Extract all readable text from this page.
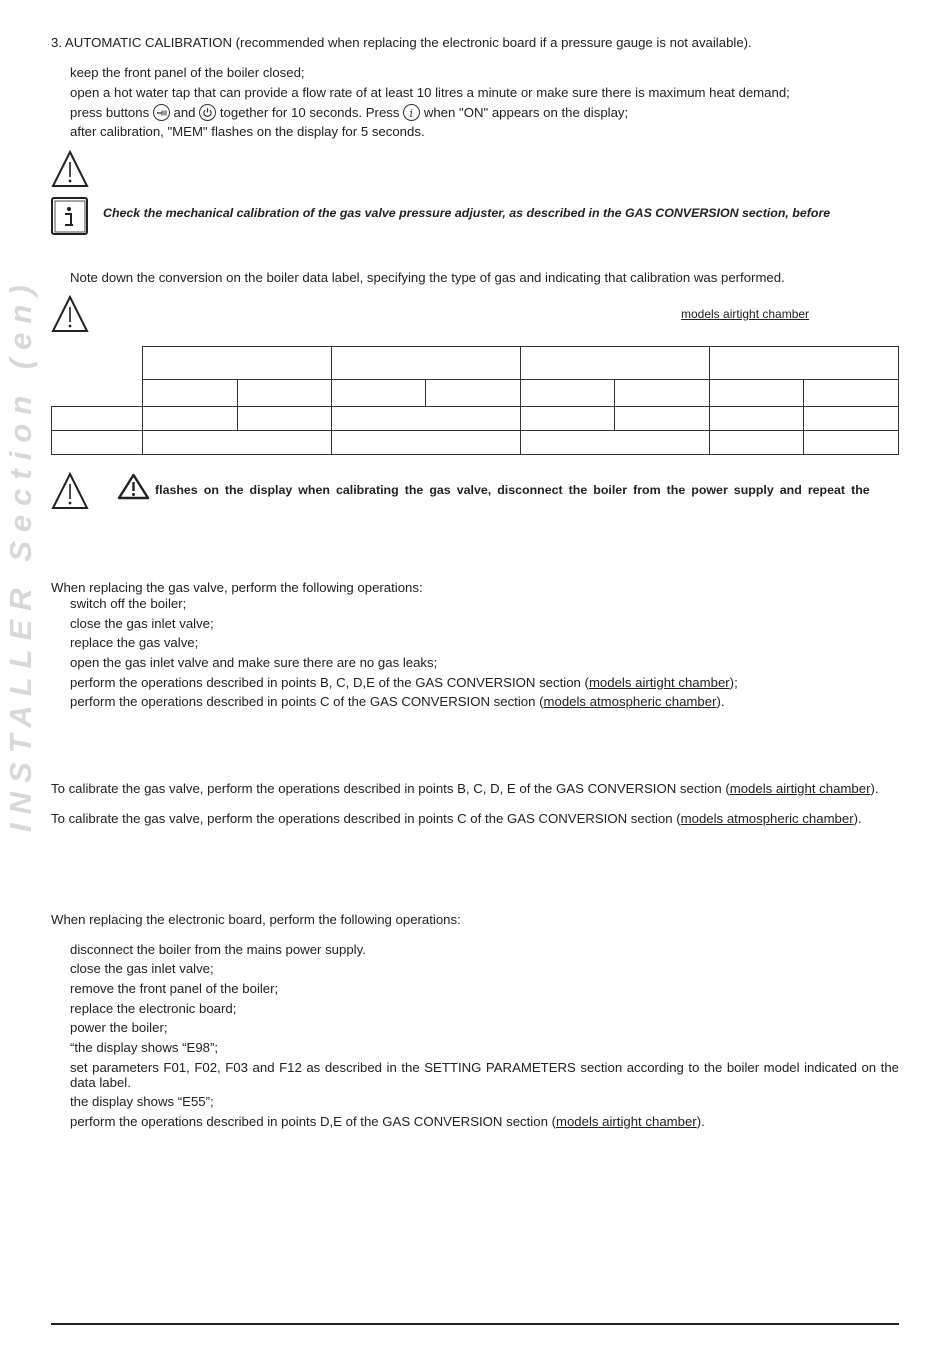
INSTALLER Section (en)
3. AUTOMATIC CALIBRATION (recommended when replacing the electronic board if a pressure gauge is not available).
keep the front panel of the boiler closed;
open a hot water tap that can provide a flow rate of at least 10 litres a minute or make sure there is maximum heat demand;
press buttons and together for 10 seconds. Press i when "ON" appears on the display;
after calibration, "MEM" flashes on the display for 5 seconds.
Check the mechanical calibration of the gas valve pressure adjuster, as described in the GAS CONVERSION section, before
Note down the conversion on the boiler data label, specifying the type of gas and indicating that calibration was performed.
models airtight chamber

flashes on the display when calibrating the gas valve, disconnect the boiler from the power supply and repeat the
When replacing the gas valve, perform the following operations:
switch off the boiler;
close the gas inlet valve;
replace the gas valve;
open the gas inlet valve and make sure there are no gas leaks;
perform the operations described in points B, C, D,E of the GAS CONVERSION section (models airtight chamber);
perform the operations described in points C of the GAS CONVERSION section (models atmospheric chamber).
To calibrate the gas valve, perform the operations described in points B, C, D, E of the GAS CONVERSION section (models airtight chamber).
To calibrate the gas valve, perform the operations described in points C of the GAS CONVERSION section (models atmospheric chamber).
When replacing the electronic board, perform the following operations:
disconnect the boiler from the mains power supply.
close the gas inlet valve;
remove the front panel of the boiler;
replace the electronic board;
power the boiler;
“the display shows “E98”;
set parameters F01, F02, F03 and F12 as described in the SETTING PARAMETERS section according to the boiler model indicated on the data label.
the display shows “E55”;
perform the operations described in points D,E of the GAS CONVERSION section (models airtight chamber).
